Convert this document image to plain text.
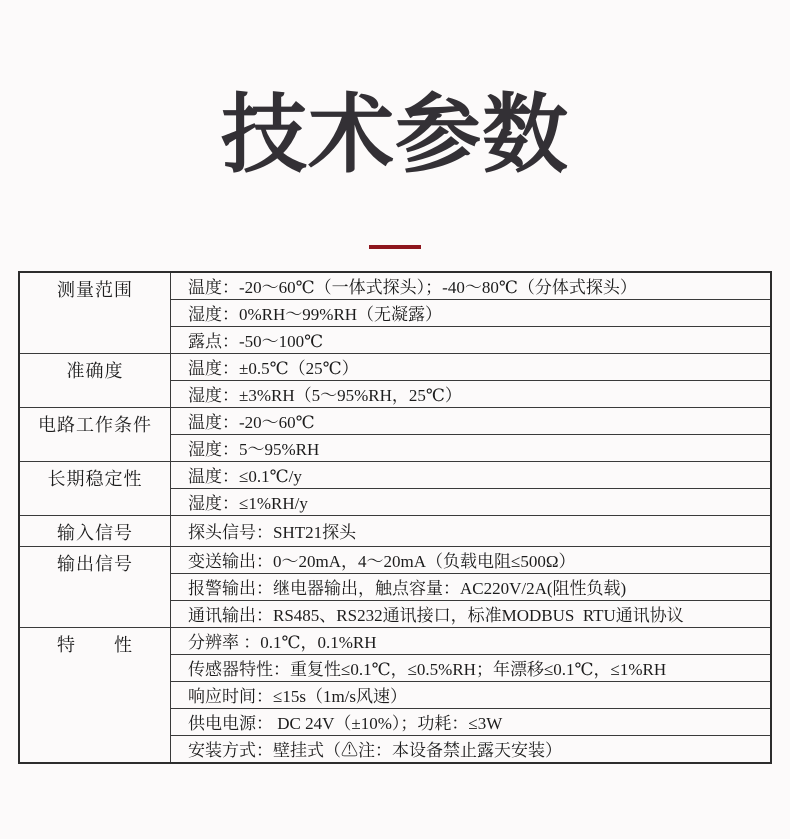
技术参数
测量范围	温度：-20～60℃（一体式探头）；-40～80℃（分体式探头）
	湿度：0%RH～99%RH（无凝露）
	露点：-50～100℃
准确度	温度：±0.5℃（25℃）
	湿度：±3%RH（5～95%RH，25℃）
电路工作条件	温度：-20～60℃
	湿度：5～95%RH
长期稳定性	温度：≤0.1℃/y
	湿度：≤1%RH/y
输入信号	探头信号：SHT21探头
输出信号	变送输出：0～20mA，4～20mA（负载电阻≤500Ω）
	报警输出：继电器输出，触点容量：AC220V/2A(阻性负载)
	通讯输出：RS485、RS232通讯接口，标准MODBUS  RTU通讯协议
特　　性	分辨率 ：0.1℃，0.1%RH
	传感器特性：重复性≤0.1℃，≤0.5%RH；年漂移≤0.1℃，≤1%RH
	响应时间：≤15s（1m/s风速）
	供电电源： DC 24V（±10%）；功耗：≤3W
	安装方式：壁挂式（⚠注：本设备禁止露天安装）
